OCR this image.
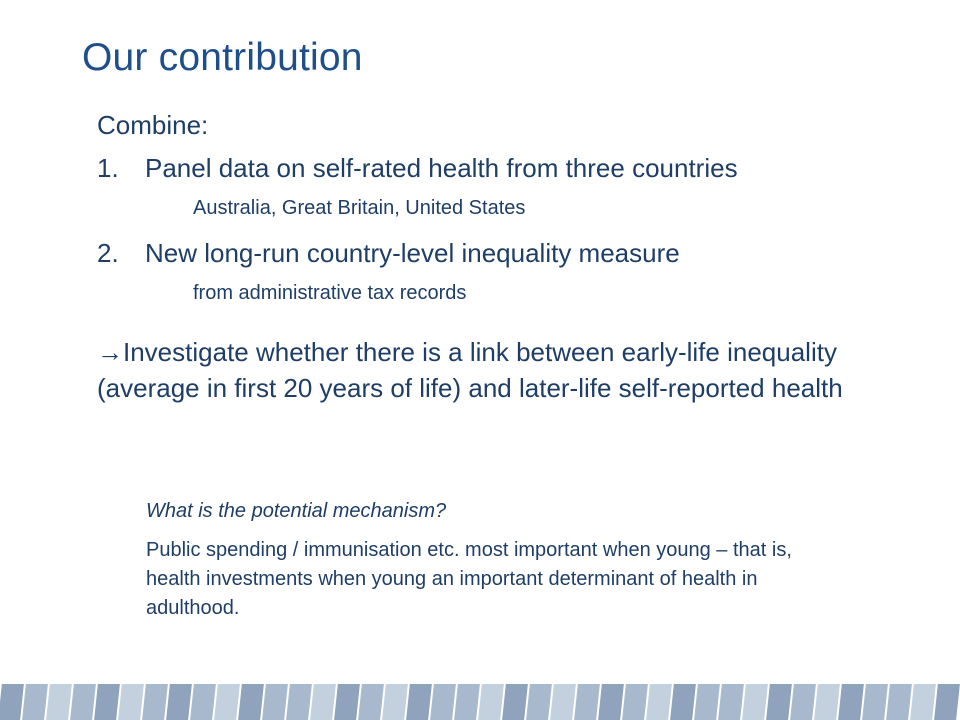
Our contribution
Combine:
1. Panel data on self-rated health from three countries
Australia, Great Britain, United States
2. New long-run country-level inequality measure
from administrative tax records

→Investigate whether there is a link between early-life inequality (average in first 20 years of life) and later-life self-reported health

What is the potential mechanism?

Public spending / immunisation etc. most important when young – that is, health investments when young an important determinant of health in adulthood.
